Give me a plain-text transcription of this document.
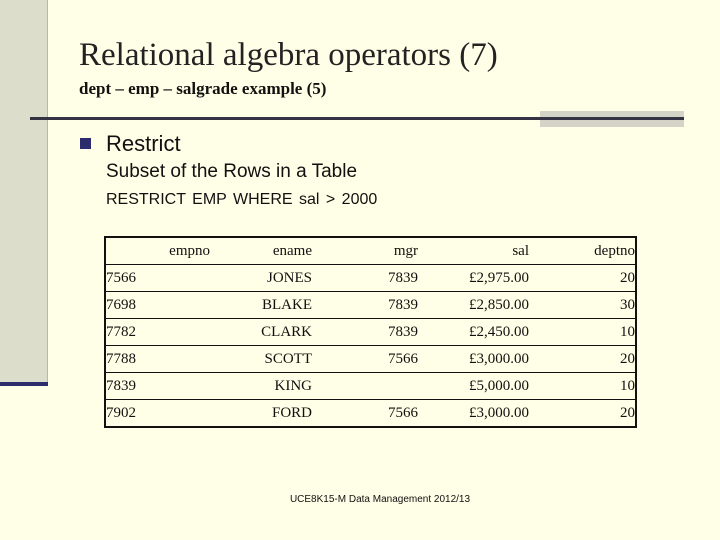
Relational algebra operators (7)
dept – emp – salgrade example (5)
Restrict
Subset of the Rows in a Table
RESTRICT EMP WHERE sal > 2000
empno	ename	mgr	sal	deptno
7566	JONES	7839	£2,975.00	20
7698	BLAKE	7839	£2,850.00	30
7782	CLARK	7839	£2,450.00	10
7788	SCOTT	7566	£3,000.00	20
7839	KING		£5,000.00	10
7902	FORD	7566	£3,000.00	20
UCE8K15-M Data Management 2012/13
